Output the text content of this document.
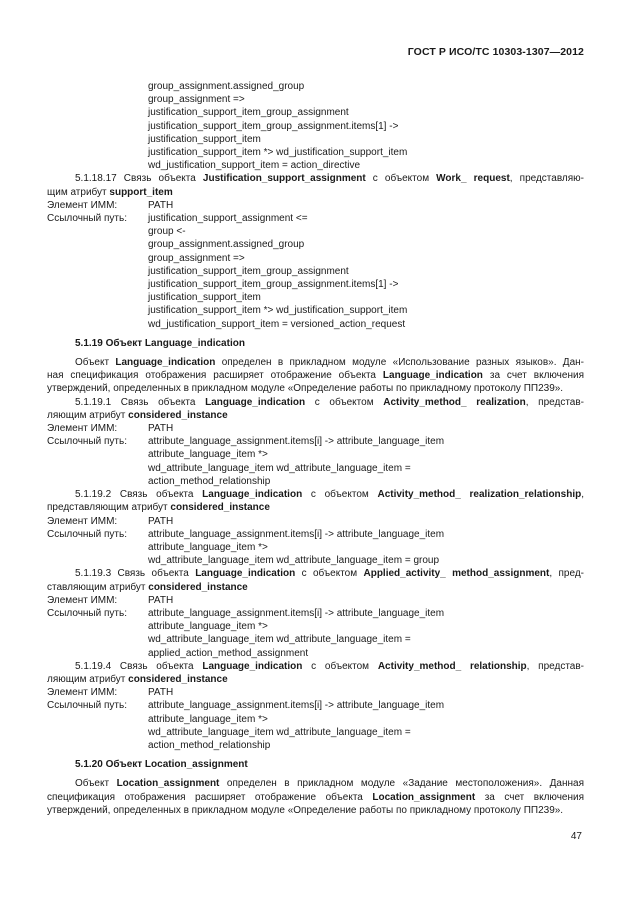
ГОСТ Р ИСО/ТС 10303-1307—2012
group_assignment.assigned_group
group_assignment =>
justification_support_item_group_assignment
justification_support_item_group_assignment.items[1] ->
justification_support_item
justification_support_item *> wd_justification_support_item
wd_justification_support_item = action_directive
5.1.18.17 Связь объекта Justification_support_assignment с объектом Work_ request, представляю-
щим атрибут support_item
Элемент ИММ:	PATH
Ссылочный путь:	justification_support_assignment <=
group <-
group_assignment.assigned_group
group_assignment =>
justification_support_item_group_assignment
justification_support_item_group_assignment.items[1] ->
justification_support_item
justification_support_item *> wd_justification_support_item
wd_justification_support_item = versioned_action_request
5.1.19 Объект Language_indication
Объект Language_indication определен в прикладном модуле «Использование разных языков». Дан-
ная спецификация отображения расширяет отображение объекта Language_indication за счет включения
утверждений, определенных в прикладном модуле «Определение работы по прикладному протоколу ПП239».
5.1.19.1 Связь объекта Language_indication с объектом Activity_method_ realization, представ-
ляющим атрибут considered_instance
Элемент ИММ:	PATH
Ссылочный путь:	attribute_language_assignment.items[i] -> attribute_language_item
attribute_language_item *>
wd_attribute_language_item wd_attribute_language_item =
action_method_relationship
5.1.19.2 Связь объекта Language_indication с объектом Activity_method_ realization_relationship,
представляющим атрибут considered_instance
Элемент ИММ:	PATH
Ссылочный путь:	attribute_language_assignment.items[i] -> attribute_language_item
attribute_language_item *>
wd_attribute_language_item wd_attribute_language_item = group
5.1.19.3 Связь объекта Language_indication с объектом Applied_activity_ method_assignment, пред-
ставляющим атрибут considered_instance
Элемент ИММ:	PATH
Ссылочный путь:	attribute_language_assignment.items[i] -> attribute_language_item
attribute_language_item *>
wd_attribute_language_item wd_attribute_language_item =
applied_action_method_assignment
5.1.19.4 Связь объекта Language_indication с объектом Activity_method_ relationship, представ-
ляющим атрибут considered_instance
Элемент ИММ:	PATH
Ссылочный путь:	attribute_language_assignment.items[i] -> attribute_language_item
attribute_language_item *>
wd_attribute_language_item wd_attribute_language_item =
action_method_relationship
5.1.20 Объект Location_assignment
Объект Location_assignment определен в прикладном модуле «Задание местоположения». Данная
спецификация отображения расширяет отображение объекта Location_assignment за счет включения
утверждений, определенных в прикладном модуле «Определение работы по прикладному протоколу ПП239».
47
